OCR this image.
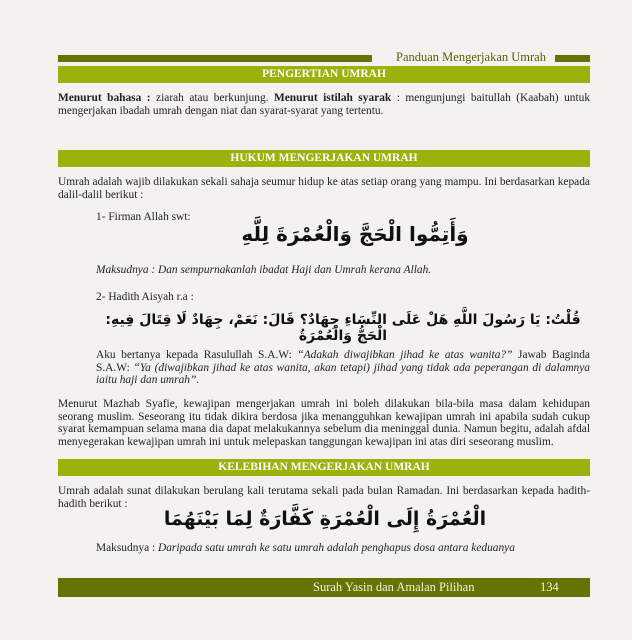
Panduan Mengerjakan Umrah
PENGERTIAN UMRAH
Menurut bahasa : ziarah atau berkunjung. Menurut istilah syarak : mengunjungi baitullah (Kaabah) untuk mengerjakan ibadah umrah dengan niat dan syarat-syarat yang tertentu.
HUKUM MENGERJAKAN UMRAH
Umrah adalah wajib dilakukan sekali sahaja seumur hidup ke atas setiap orang yang mampu. Ini berdasarkan kepada dalil-dalil berikut :
1- Firman Allah swt:
وَأَتِمُّوا الْحَجَّ وَالْعُمْرَةَ لِلَّهِ
Maksudnya : Dan sempurnakanlah ibadat Haji dan Umrah kerana Allah.
2- Hadith Aisyah r.a :
قُلْتُ: يَا رَسُولَ اللَّهِ هَلْ عَلَى النِّسَاءِ جِهَادٌ؟ قَالَ: نَعَمْ، جِهَادٌ لَا قِتَالَ فِيهِ: الْحَجُّ وَالْعُمْرَةُ
Aku bertanya kepada Rasulullah S.A.W: “Adakah diwajibkan jihad ke atas wanita?” Jawab Baginda S.A.W: “Ya (diwajibkan jihad ke atas wanita, akan tetapi) jihad yang tidak ada peperangan di dalamnya iaitu haji dan umrah”.
Menurut Mazhab Syafie, kewajipan mengerjakan umrah ini boleh dilakukan bila-bila masa dalam kehidupan seorang muslim. Seseorang itu tidak dikira berdosa jika menangguhkan kewajipan umrah ini apabila sudah cukup syarat kemampuan selama mana dia dapat melakukannya sebelum dia meninggal dunia. Namun begitu, adalah afdal menyegerakan kewajipan umrah ini untuk melepaskan tanggungan kewajipan ini atas diri seseorang muslim.
KELEBIHAN MENGERJAKAN UMRAH
Umrah adalah sunat dilakukan berulang kali terutama sekali pada bulan Ramadan. Ini berdasarkan kepada hadith-hadith berikut :
الْعُمْرَةُ إِلَى الْعُمْرَةِ كَفَّارَةٌ لِمَا بَيْنَهُمَا
Maksudnya : Daripada satu umrah ke satu umrah adalah penghapus dosa antara keduanya
Surah Yasin dan Amalan Pilihan	134
